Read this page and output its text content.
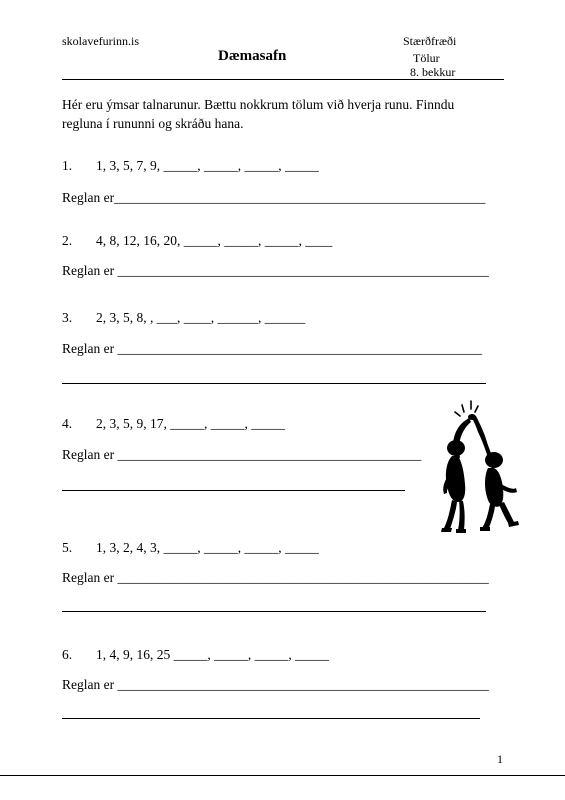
skolavefurinn.is
Dæmasafn
Stærðfræði
Tölur
8. bekkur
Hér eru ýmsar talnarunur. Bættu nokkrum tölum við hverja runu. Finndu regluna í rununni og skráðu hana.
1. 1, 3, 5, 7, 9, _____, _____, _____, _____
Reglan er_______________________________________________________
2. 4, 8, 12, 16, 20, _____, _____, _____, ____
Reglan er _______________________________________________________
3. 2, 3, 5, 8, , ___, ____, ______, ______
Reglan er ______________________________________________________
4. 2, 3, 5, 9, 17, _____, _____, _____
Reglan er _____________________________________________
5. 1, 3, 2, 4, 3, _____, _____, _____, _____
Reglan er _______________________________________________________
6. 1, 4, 9, 16, 25 _____, _____, _____, _____
Reglan er _______________________________________________________
1
